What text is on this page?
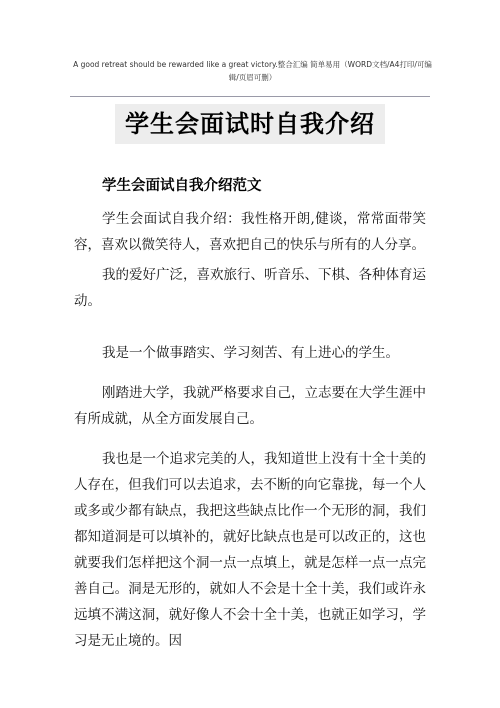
A good retreat should be rewarded like a great victory.整合汇编 简单易用（WORD文档/A4打印/可编辑/页眉可删）
学生会面试时自我介绍
学生会面试自我介绍范文

学生会面试自我介绍：我性格开朗,健谈，常常面带笑容，喜欢以微笑待人，喜欢把自己的快乐与所有的人分享。

我的爱好广泛，喜欢旅行、听音乐、下棋、各种体育运动。

我是一个做事踏实、学习刻苦、有上进心的学生。

刚踏进大学，我就严格要求自己，立志要在大学生涯中有所成就，从全方面发展自己。

我也是一个追求完美的人，我知道世上没有十全十美的人存在，但我们可以去追求，去不断的向它靠拢，每一个人或多或少都有缺点，我把这些缺点比作一个无形的洞，我们都知道洞是可以填补的，就好比缺点也是可以改正的，这也就要我们怎样把这个洞一点一点填上，就是怎样一点一点完善自己。洞是无形的，就如人不会是十全十美，我们或许永远填不满这洞，就好像人不会十全十美，也就正如学习，学习是无止境的。因
